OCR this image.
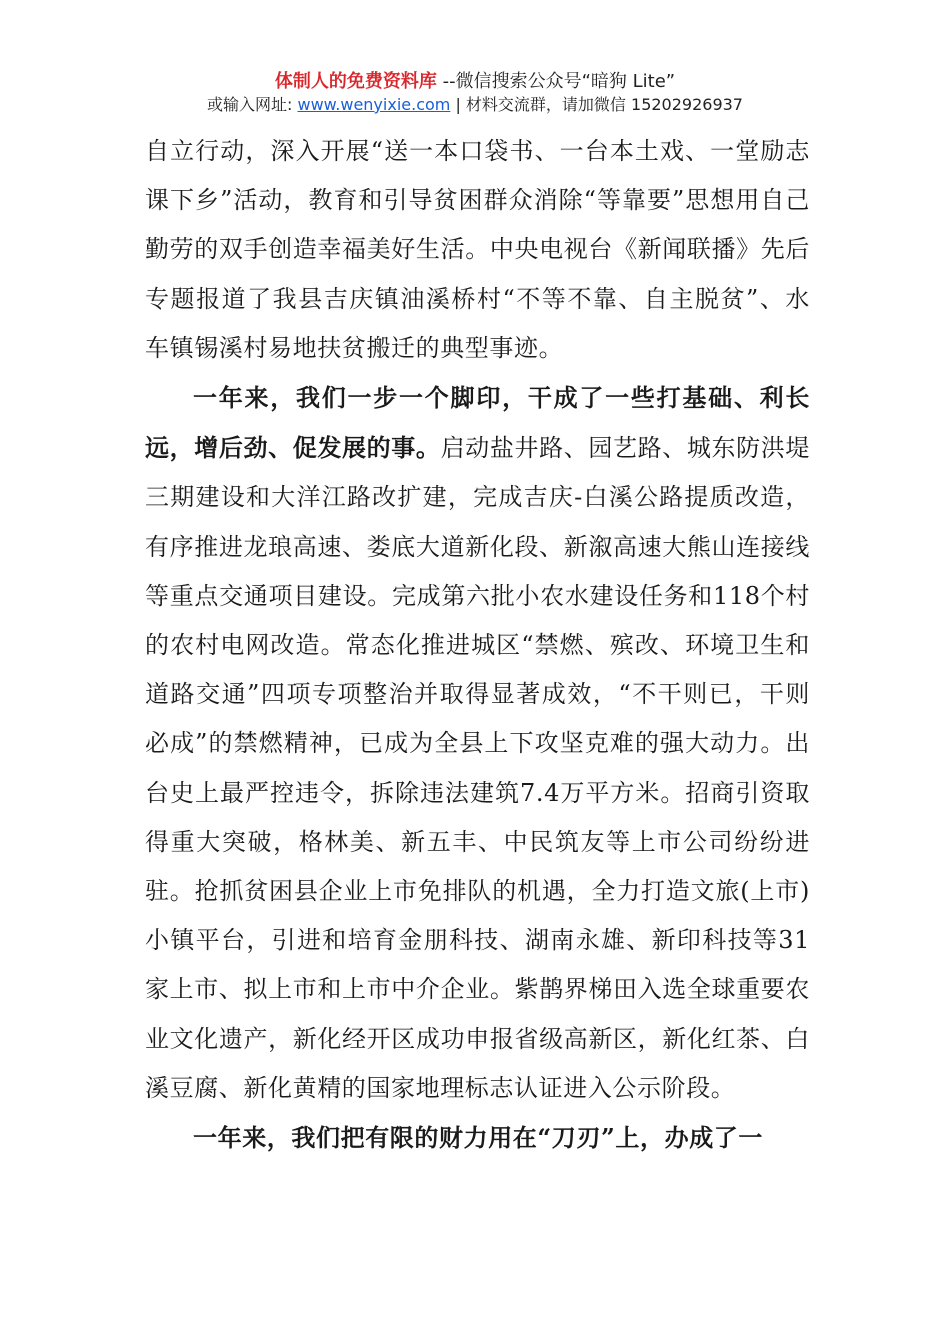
体制人的免费资料库 --微信搜索公众号“暗狗 Lite”
或输入网址: www.wenyixie.com | 材料交流群，请加微信 15202926937

自立行动，深入开展“送一本口袋书、一台本土戏、一堂励志课下乡”活动，教育和引导贫困群众消除“等靠要”思想用自己勤劳的双手创造幸福美好生活。中央电视台《新闻联播》先后专题报道了我县吉庆镇油溪桥村“不等不靠、自主脱贫”、水车镇锡溪村易地扶贫搬迁的典型事迹。

一年来，我们一步一个脚印，干成了一些打基础、利长远，增后劲、促发展的事。启动盐井路、园艺路、城东防洪堤三期建设和大洋江路改扩建，完成吉庆-白溪公路提质改造，有序推进龙琅高速、娄底大道新化段、新溆高速大熊山连接线等重点交通项目建设。完成第六批小农水建设任务和118个村的农村电网改造。常态化推进城区“禁燃、殡改、环境卫生和道路交通”四项专项整治并取得显著成效，“不干则已，干则必成”的禁燃精神，已成为全县上下攻坚克难的强大动力。出台史上最严控违令，拆除违法建筑7.4万平方米。招商引资取得重大突破，格林美、新五丰、中民筑友等上市公司纷纷进驻。抢抓贫困县企业上市免排队的机遇，全力打造文旅(上市)小镇平台，引进和培育金朋科技、湖南永雄、新印科技等31家上市、拟上市和上市中介企业。紫鹊界梯田入选全球重要农业文化遗产，新化经开区成功申报省级高新区，新化红茶、白溪豆腐、新化黄精的国家地理标志认证进入公示阶段。

一年来，我们把有限的财力用在“刀刃”上，办成了一
